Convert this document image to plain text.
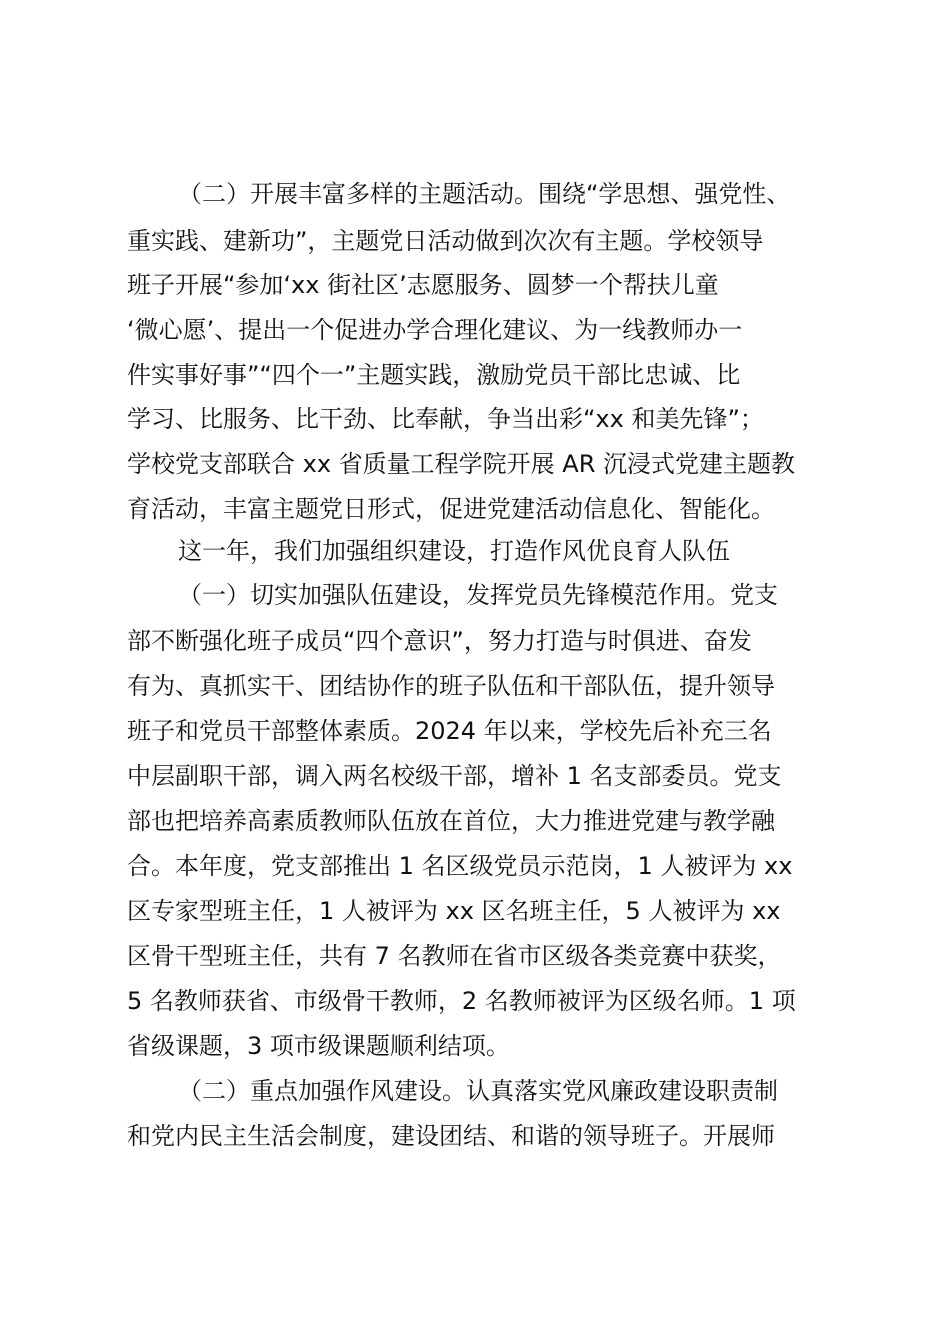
（二）开展丰富多样的主题活动。围绕“学思想、强党性、
重实践、建新功”，主题党日活动做到次次有主题。学校领导
班子开展“参加‘xx 街社区’志愿服务、圆梦一个帮扶儿童
‘微心愿’、提出一个促进办学合理化建议、为一线教师办一
件实事好事”“四个一”主题实践，激励党员干部比忠诚、比
学习、比服务、比干劲、比奉献，争当出彩“xx 和美先锋”；
学校党支部联合 xx 省质量工程学院开展 AR 沉浸式党建主题教
育活动，丰富主题党日形式，促进党建活动信息化、智能化。
这一年，我们加强组织建设，打造作风优良育人队伍
（一）切实加强队伍建设，发挥党员先锋模范作用。党支
部不断强化班子成员“四个意识”，努力打造与时俱进、奋发
有为、真抓实干、团结协作的班子队伍和干部队伍，提升领导
班子和党员干部整体素质。2024 年以来，学校先后补充三名
中层副职干部，调入两名校级干部，增补 1 名支部委员。党支
部也把培养高素质教师队伍放在首位，大力推进党建与教学融
合。本年度，党支部推出 1 名区级党员示范岗，1 人被评为 xx
区专家型班主任，1 人被评为 xx 区名班主任，5 人被评为 xx
区骨干型班主任，共有 7 名教师在省市区级各类竞赛中获奖，
5 名教师获省、市级骨干教师，2 名教师被评为区级名师。1 项
省级课题，3 项市级课题顺利结项。
（二）重点加强作风建设。认真落实党风廉政建设职责制
和党内民主生活会制度，建设团结、和谐的领导班子。开展师
